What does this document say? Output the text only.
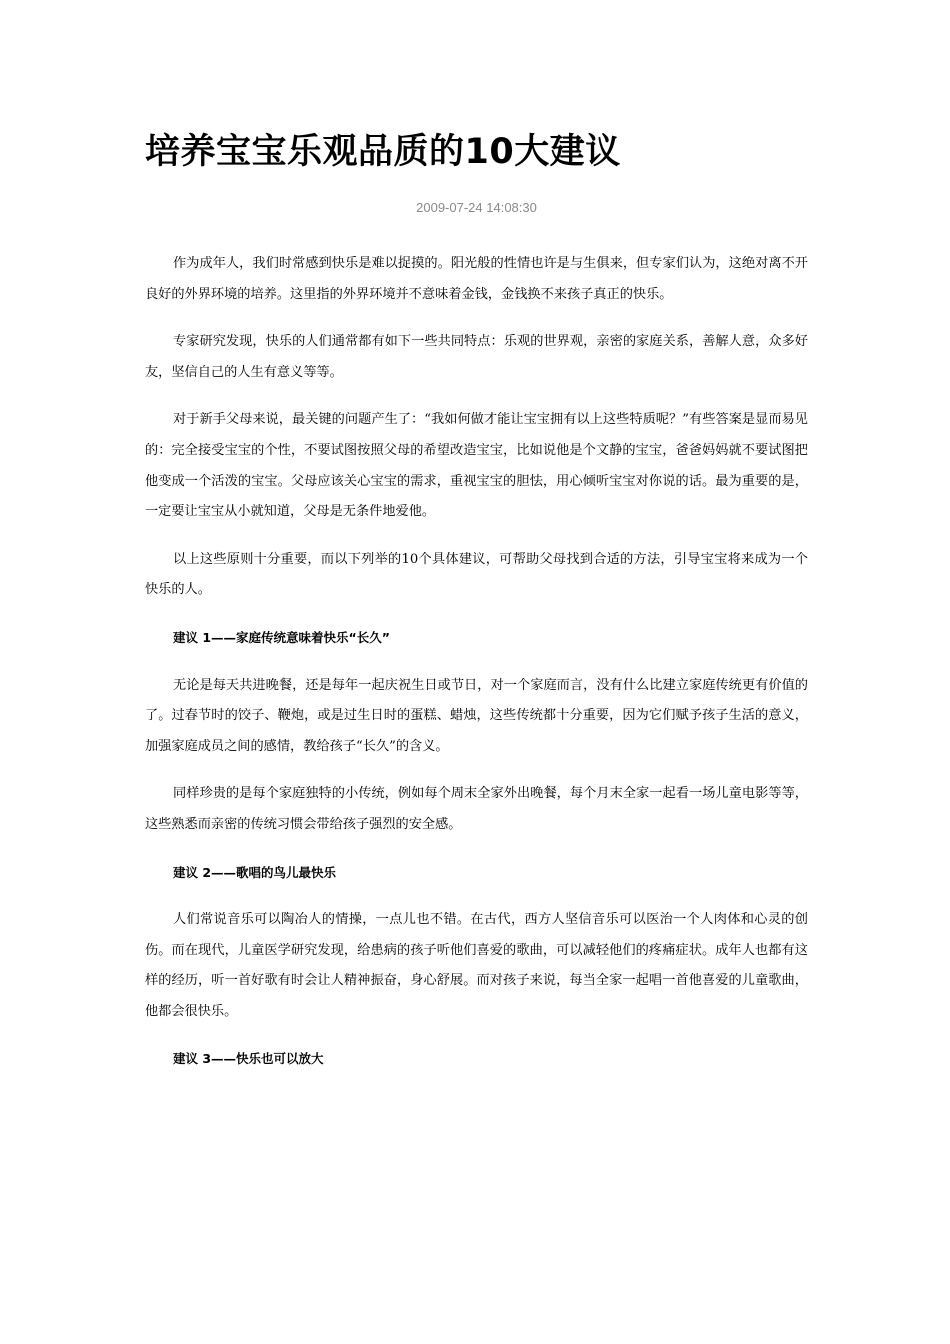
培养宝宝乐观品质的10大建议
2009-07-24 14:08:30

作为成年人，我们时常感到快乐是难以捉摸的。阳光般的性情也许是与生俱来，但专家们认为，这绝对离不开良好的外界环境的培养。这里指的外界环境并不意味着金钱，金钱换不来孩子真正的快乐。

专家研究发现，快乐的人们通常都有如下一些共同特点：乐观的世界观，亲密的家庭关系，善解人意，众多好友，坚信自己的人生有意义等等。

对于新手父母来说，最关键的问题产生了：“我如何做才能让宝宝拥有以上这些特质呢？”有些答案是显而易见的：完全接受宝宝的个性，不要试图按照父母的希望改造宝宝，比如说他是个文静的宝宝，爸爸妈妈就不要试图把他变成一个活泼的宝宝。父母应该关心宝宝的需求，重视宝宝的胆怯，用心倾听宝宝对你说的话。最为重要的是，一定要让宝宝从小就知道，父母是无条件地爱他。

以上这些原则十分重要，而以下列举的10个具体建议，可帮助父母找到合适的方法，引导宝宝将来成为一个快乐的人。

建议 1——家庭传统意味着快乐“长久”

无论是每天共进晚餐，还是每年一起庆祝生日或节日，对一个家庭而言，没有什么比建立家庭传统更有价值的了。过春节时的饺子、鞭炮，或是过生日时的蛋糕、蜡烛，这些传统都十分重要，因为它们赋予孩子生活的意义，加强家庭成员之间的感情，教给孩子“长久”的含义。

同样珍贵的是每个家庭独特的小传统，例如每个周末全家外出晚餐，每个月末全家一起看一场儿童电影等等，这些熟悉而亲密的传统习惯会带给孩子强烈的安全感。

建议 2——歌唱的鸟儿最快乐

人们常说音乐可以陶冶人的情操，一点儿也不错。在古代，西方人坚信音乐可以医治一个人肉体和心灵的创伤。而在现代，儿童医学研究发现，给患病的孩子听他们喜爱的歌曲，可以减轻他们的疼痛症状。成年人也都有这样的经历，听一首好歌有时会让人精神振奋，身心舒展。而对孩子来说，每当全家一起唱一首他喜爱的儿童歌曲，他都会很快乐。

建议 3——快乐也可以放大
